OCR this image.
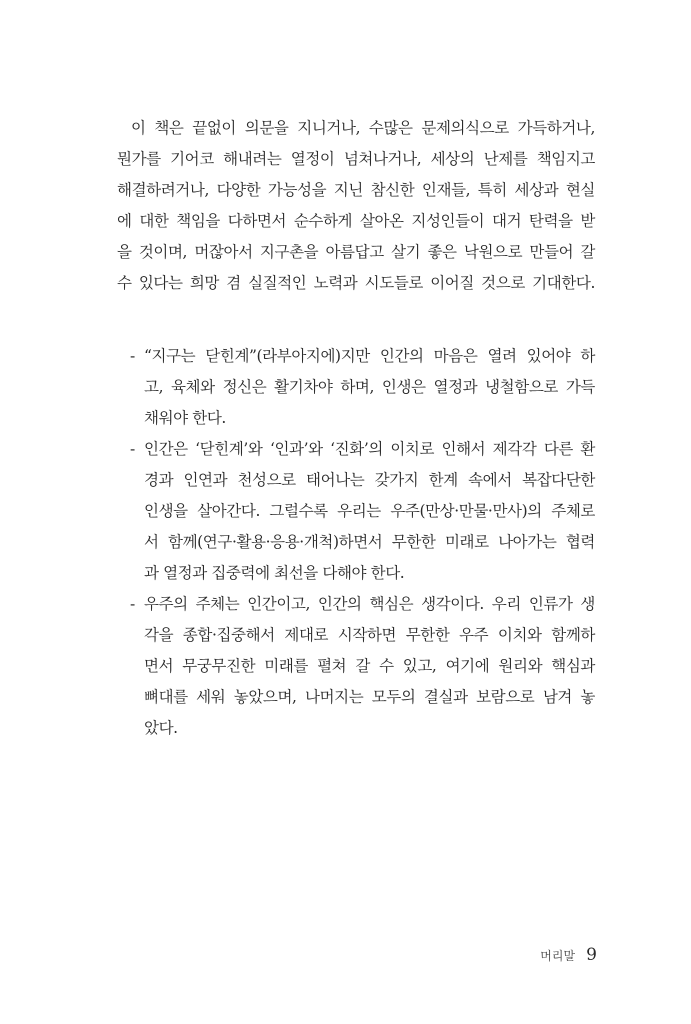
이 책은 끝없이 의문을 지니거나, 수많은 문제의식으로 가득하거나,
뭔가를 기어코 해내려는 열정이 넘쳐나거나, 세상의 난제를 책임지고
해결하려거나, 다양한 가능성을 지닌 참신한 인재들, 특히 세상과 현실
에 대한 책임을 다하면서 순수하게 살아온 지성인들이 대거 탄력을 받
을 것이며, 머잖아서 지구촌을 아름답고 살기 좋은 낙원으로 만들어 갈
수 있다는 희망 겸 실질적인 노력과 시도들로 이어질 것으로 기대한다.
- “지구는 닫힌계”(라부아지에)지만 인간의 마음은 열려 있어야 하
고, 육체와 정신은 활기차야 하며, 인생은 열정과 냉철함으로 가득
채워야 한다.
- 인간은 ‘닫힌계’와 ‘인과’와 ‘진화’의 이치로 인해서 제각각 다른 환
경과 인연과 천성으로 태어나는 갖가지 한계 속에서 복잡다단한
인생을 살아간다. 그럴수록 우리는 우주(만상·만물·만사)의 주체로
서 함께(연구·활용·응용·개척)하면서 무한한 미래로 나아가는 협력
과 열정과 집중력에 최선을 다해야 한다.
- 우주의 주체는 인간이고, 인간의 핵심은 생각이다. 우리 인류가 생
각을 종합·집중해서 제대로 시작하면 무한한 우주 이치와 함께하
면서 무궁무진한 미래를 펼쳐 갈 수 있고, 여기에 원리와 핵심과
뼈대를 세워 놓았으며, 나머지는 모두의 결실과 보람으로 남겨 놓
았다.
머리말 9
